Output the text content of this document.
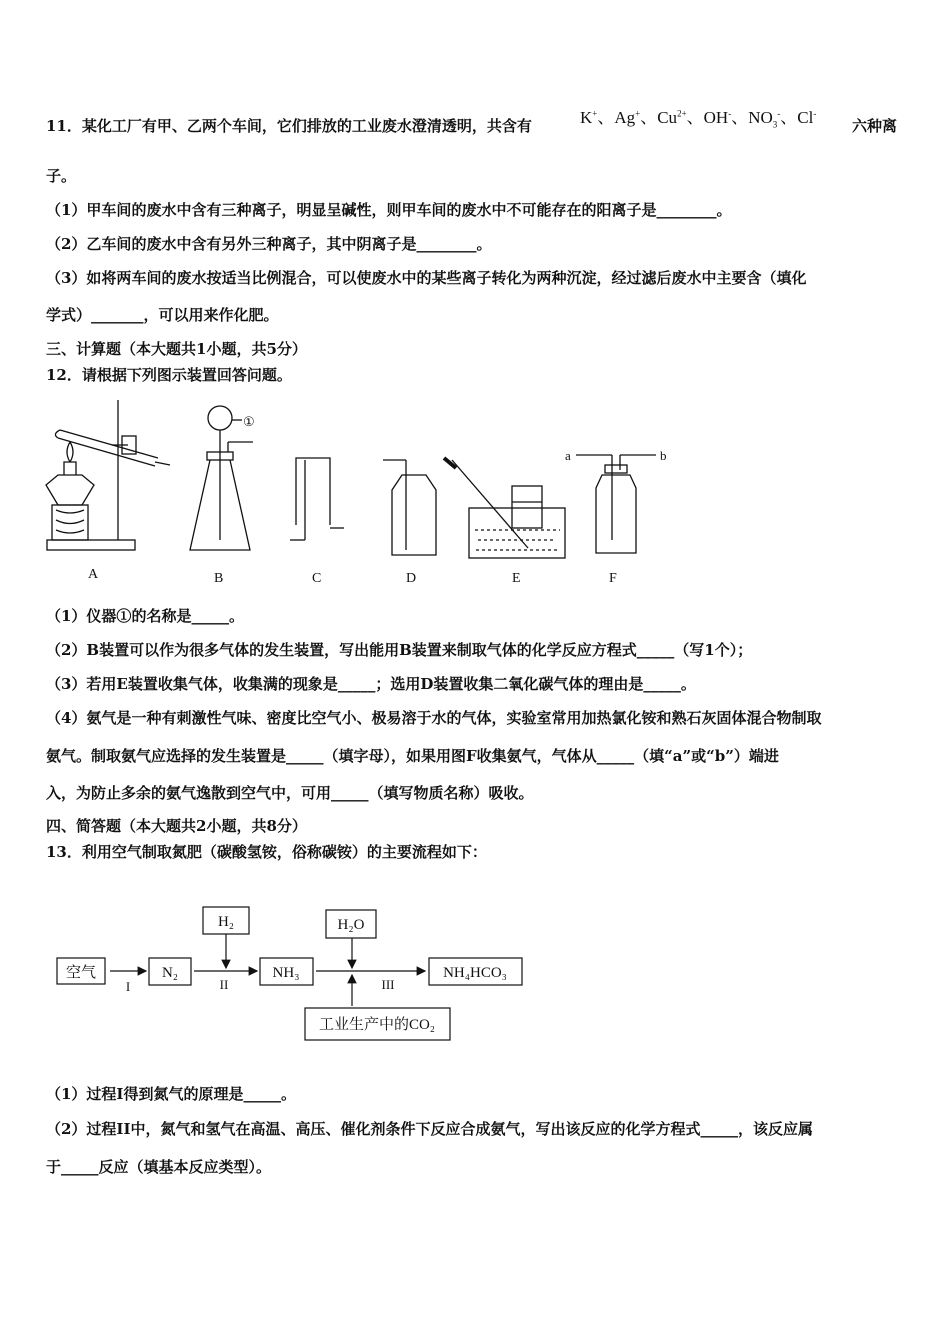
11．某化工厂有甲、乙两个车间，它们排放的工业废水澄清透明，共含有	K+、Ag+、$Cu^{2+}$、OH-、$NO_3^-$、Cl-
六种离
子。
（1）甲车间的废水中含有三种离子，明显呈碱性，则甲车间的废水中不可能存在的阳离子是________。
（2）乙车间的废水中含有另外三种离子，其中阴离子是________。
（3）如将两车间的废水按适当比例混合，可以使废水中的某些离子转化为两种沉淀，经过滤后废水中主要含（填化
学式）_______，可以用来作化肥。
三、计算题（本大题共1小题，共5分）
12．请根据下列图示装置回答问题。
A	B	C	D	E	F
①
a	b
（1）仪器①的名称是_____。
（2）B装置可以作为很多气体的发生装置，写出能用B装置来制取气体的化学反应方程式_____（写1个）；
（3）若用E装置收集气体，收集满的现象是_____；选用D装置收集二氧化碳气体的理由是_____。
（4）氨气是一种有刺激性气味、密度比空气小、极易溶于水的气体，实验室常用加热氯化铵和熟石灰固体混合物制取
氨气。制取氨气应选择的发生装置是_____（填字母），如果用图F收集氨气，气体从_____（填“a”或“b”）端进
入，为防止多余的氨气逸散到空气中，可用_____（填写物质名称）吸收。
四、简答题（本大题共2小题，共8分）
13．利用空气制取氮肥（碳酸氢铵，俗称碳铵）的主要流程如下：
空气	N₂	NH₃	NH₄HCO₃
H₂	H₂O
工业生产中的CO₂
I	II	III
（1）过程I得到氮气的原理是_____。
（2）过程II中，氮气和氢气在高温、高压、催化剂条件下反应合成氨气，写出该反应的化学方程式_____，该反应属
于_____反应（填基本反应类型）。
